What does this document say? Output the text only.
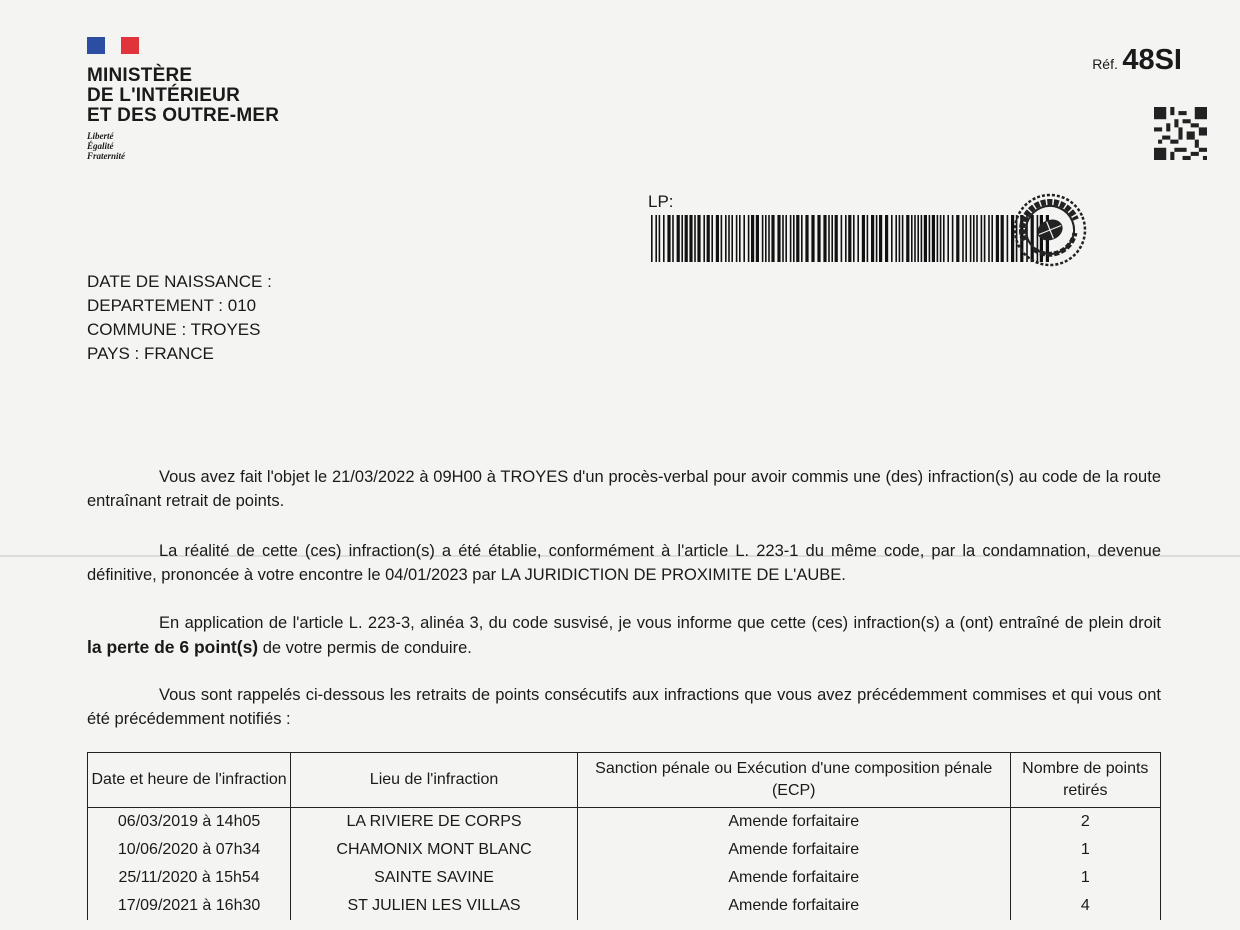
MINISTÈRE
DE L'INTÉRIEUR
ET DES OUTRE-MER
Liberté
Égalité
Fraternité
Réf. 48SI
LP:
DATE DE NAISSANCE :
DEPARTEMENT : 010
COMMUNE : TROYES
PAYS : FRANCE
Vous avez fait l'objet le 21/03/2022 à 09H00 à TROYES d'un procès-verbal pour avoir commis une (des) infraction(s) au code de la route entraînant retrait de points.
La réalité de cette (ces) infraction(s) a été établie, conformément à l'article L. 223-1 du même code, par la condamnation, devenue définitive, prononcée à votre encontre le 04/01/2023 par LA JURIDICTION DE PROXIMITE DE L'AUBE.
En application de l'article L. 223-3, alinéa 3, du code susvisé, je vous informe que cette (ces) infraction(s) a (ont) entraîné de plein droit la perte de 6 point(s) de votre permis de conduire.
Vous sont rappelés ci-dessous les retraits de points consécutifs aux infractions que vous avez précédemment commises et qui vous ont été précédemment notifiés :
Date et heure de l'infraction	Lieu de l'infraction	Sanction pénale ou Exécution d'une composition pénale (ECP)	Nombre de points retirés
06/03/2019 à 14h05	LA RIVIERE DE CORPS	Amende forfaitaire	2
10/06/2020 à 07h34	CHAMONIX MONT BLANC	Amende forfaitaire	1
25/11/2020 à 15h54	SAINTE SAVINE	Amende forfaitaire	1
17/09/2021 à 16h30	ST JULIEN LES VILLAS	Amende forfaitaire	4
